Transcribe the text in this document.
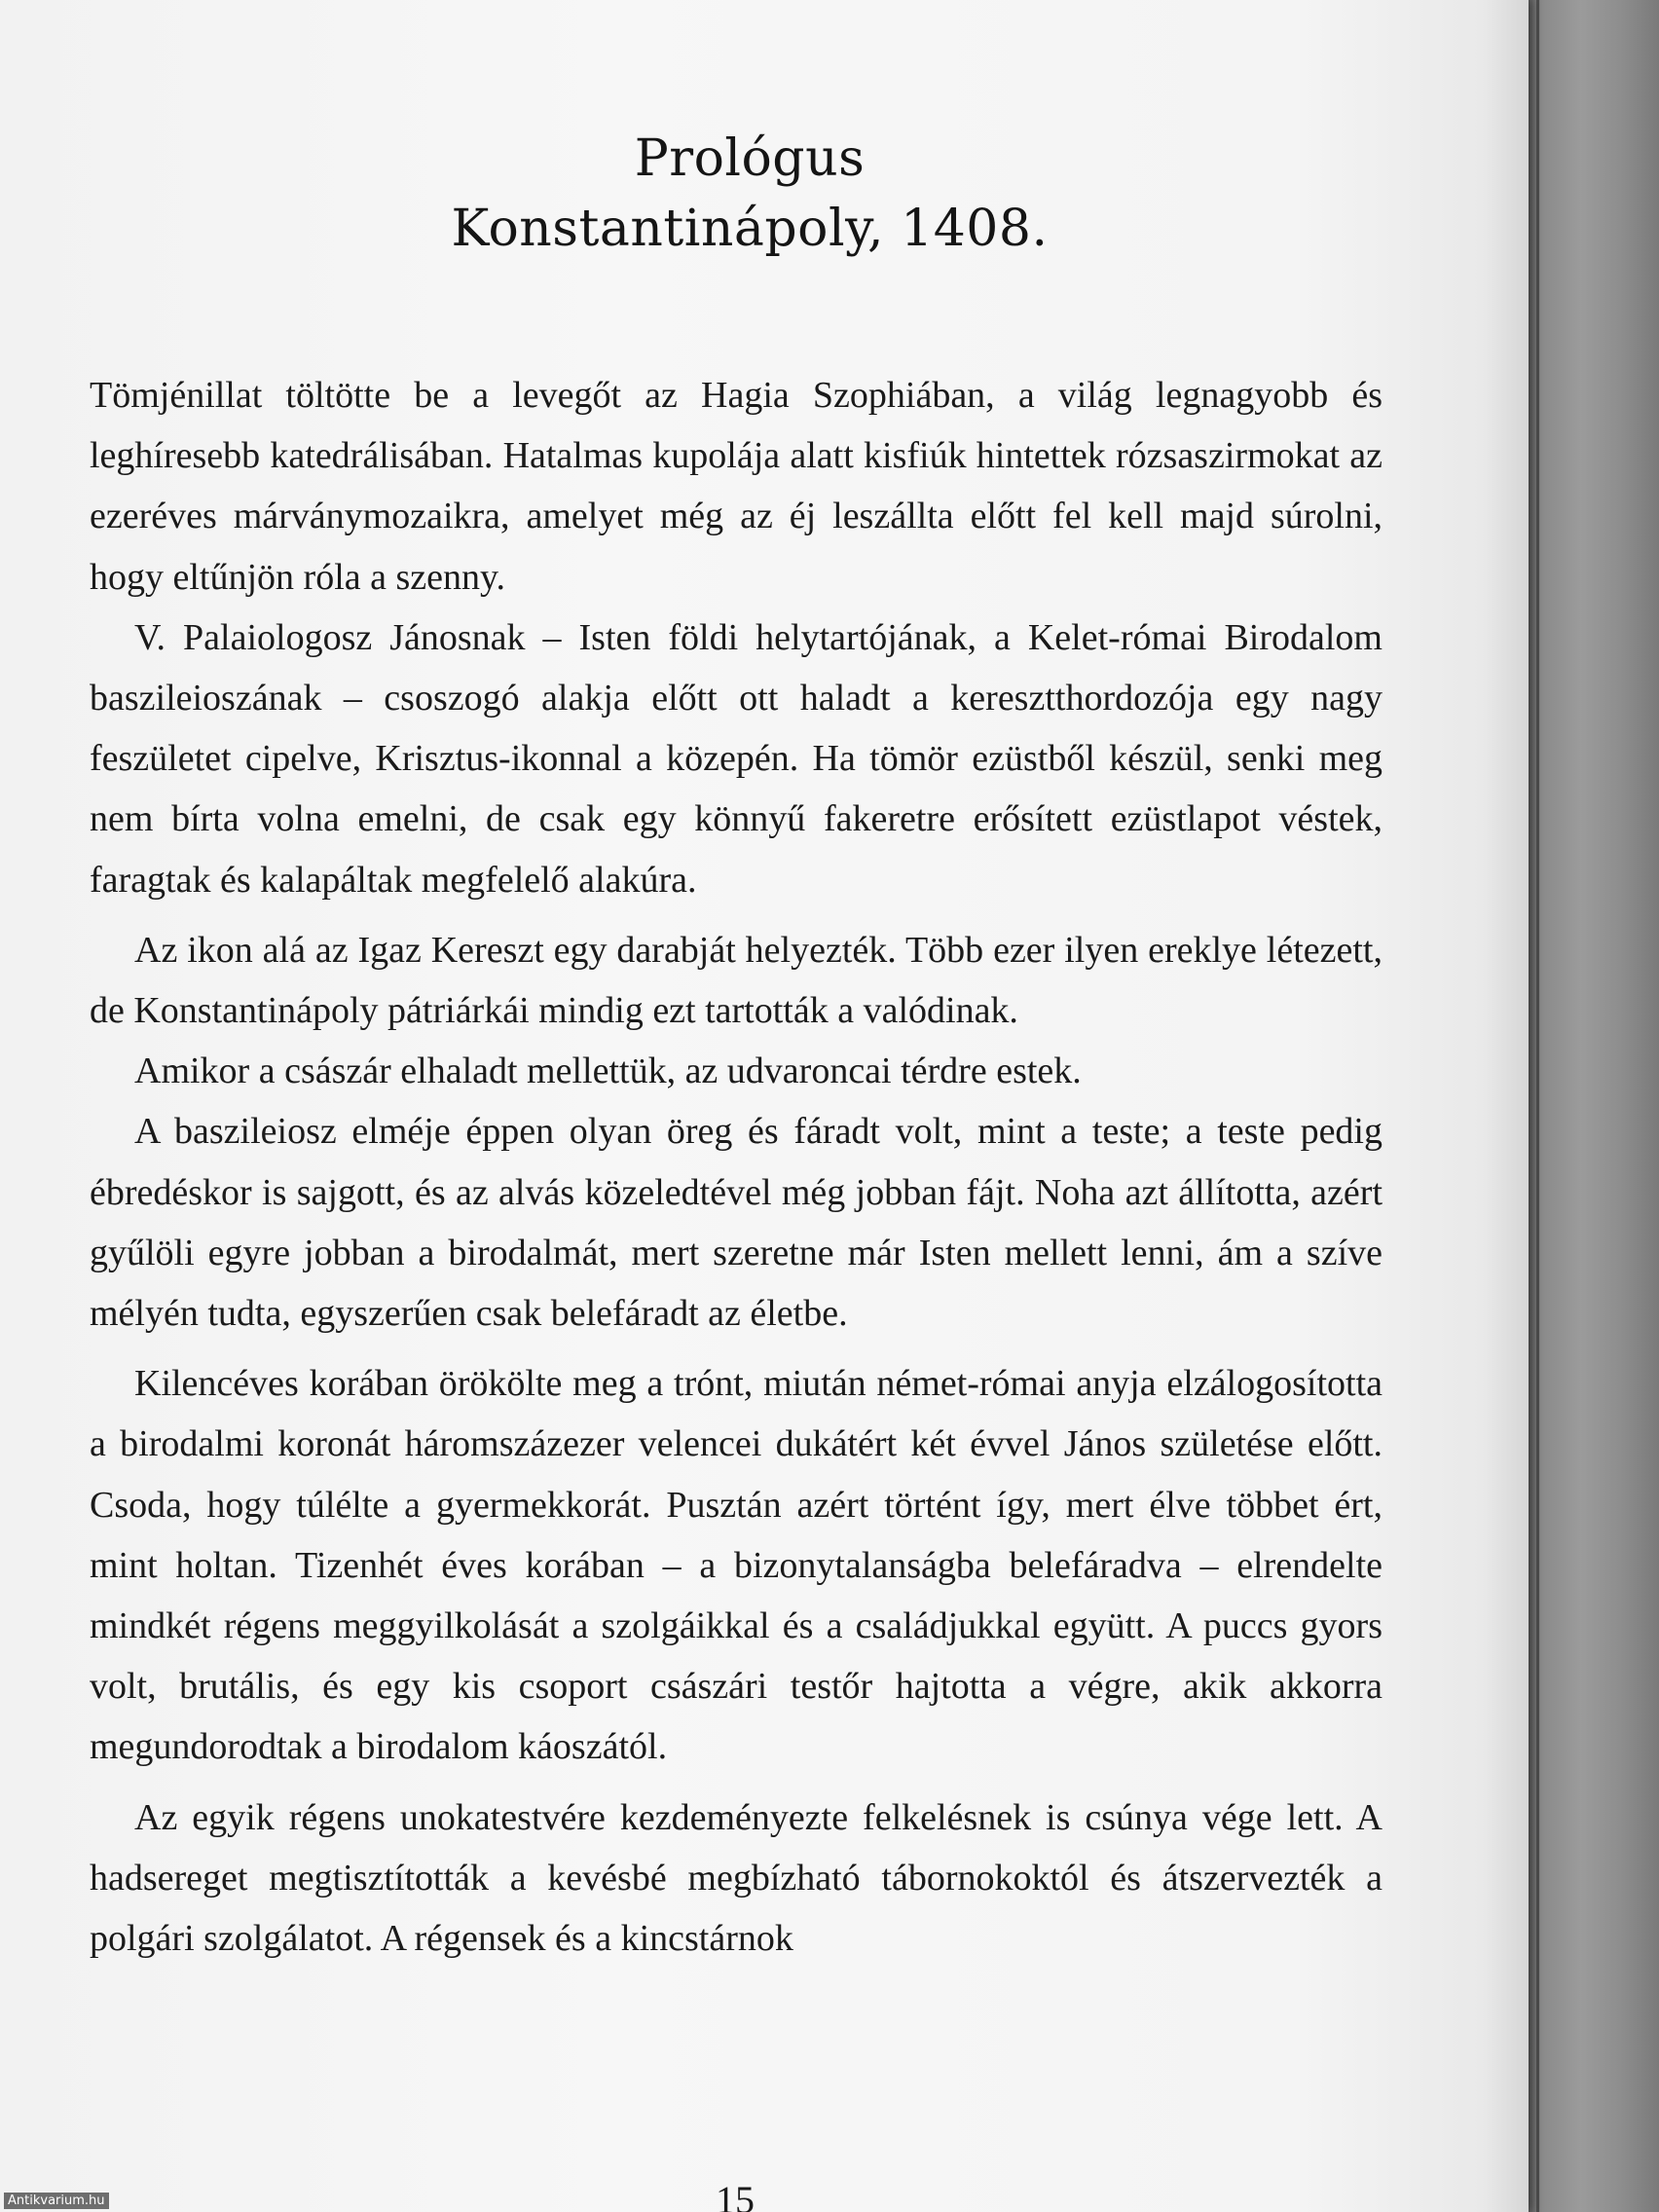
Prológus
Konstantinápoly, 1408.

Tömjénillat töltötte be a levegőt az Hagia Szophiában, a világ legnagyobb és leghíresebb katedrálisában. Hatalmas kupolája alatt kisfiúk hintettek rózsaszirmokat az ezeréves márványmozaikra, amelyet még az éj leszállta előtt fel kell majd súrolni, hogy eltűnjön róla a szenny.

V. Palaiologosz Jánosnak – Isten földi helytartójának, a Kelet-római Birodalom baszileioszának – csoszogó alakja előtt ott haladt a keresztthordozója egy nagy feszületet cipelve, Krisztus-ikonnal a közepén. Ha tömör ezüstből készül, senki meg nem bírta volna emelni, de csak egy könnyű fakeretre erősített ezüstlapot véstek, faragtak és kalapáltak megfelelő alakúra.

Az ikon alá az Igaz Kereszt egy darabját helyezték. Több ezer ilyen ereklye létezett, de Konstantinápoly pátriárkái mindig ezt tartották a valódinak.

Amikor a császár elhaladt mellettük, az udvaroncai térdre estek.

A baszileiosz elméje éppen olyan öreg és fáradt volt, mint a teste; a teste pedig ébredéskor is sajgott, és az alvás közeledtével még jobban fájt. Noha azt állította, azért gyűlöli egyre jobban a birodalmát, mert szeretne már Isten mellett lenni, ám a szíve mélyén tudta, egyszerűen csak belefáradt az életbe.

Kilencéves korában örökölte meg a trónt, miután német-római anyja elzálogosította a birodalmi koronát háromszázezer velencei dukátért két évvel János születése előtt. Csoda, hogy túlélte a gyermekkorát. Pusztán azért történt így, mert élve többet ért, mint holtan. Tizenhét éves korában – a bizonytalanságba belefáradva – elrendelte mindkét régens meggyilkolását a szolgáikkal és a családjukkal együtt. A puccs gyors volt, brutális, és egy kis csoport császári testőr hajtotta a végre, akik akkorra megundorodtak a birodalom káoszától.

Az egyik régens unokatestvére kezdeményezte felkelésnek is csúnya vége lett. A hadsereget megtisztították a kevésbé megbízható tábornokoktól és átszervezték a polgári szolgálatot. A régensek és a kincstárnok

15
Antikvarium.hu
